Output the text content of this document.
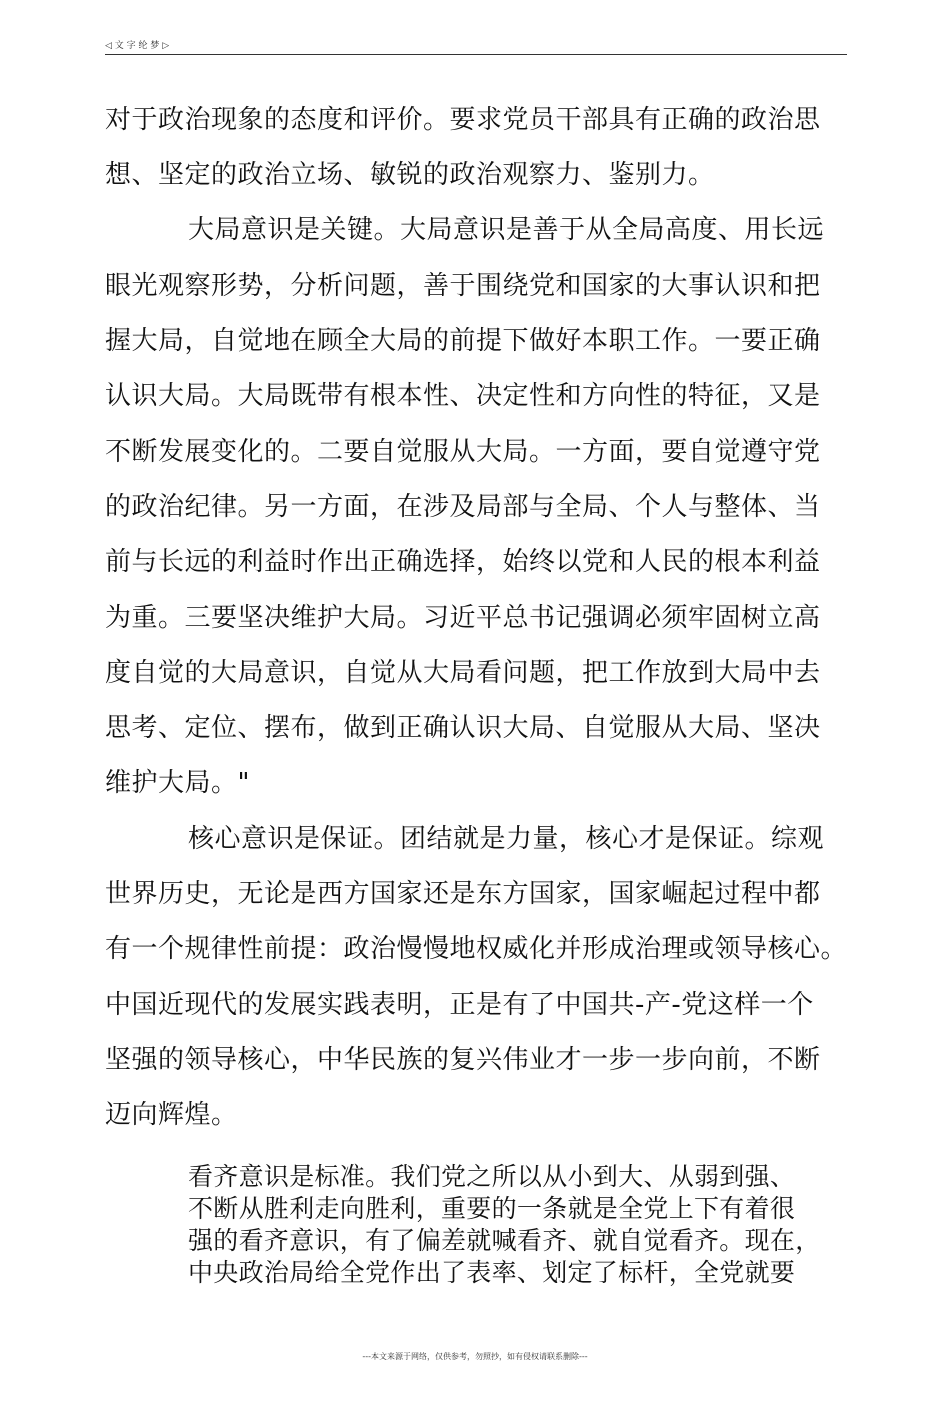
◁ 文 字 纶 梦 ▷
对于政治现象的态度和评价。要求党员干部具有正确的政治思
想、坚定的政治立场、敏锐的政治观察力、鉴别力。
大局意识是关键。大局意识是善于从全局高度、用长远
眼光观察形势，分析问题，善于围绕党和国家的大事认识和把
握大局，自觉地在顾全大局的前提下做好本职工作。一要正确
认识大局。大局既带有根本性、决定性和方向性的特征，又是
不断发展变化的。二要自觉服从大局。一方面，要自觉遵守党
的政治纪律。另一方面，在涉及局部与全局、个人与整体、当
前与长远的利益时作出正确选择，始终以党和人民的根本利益
为重。三要坚决维护大局。习近平总书记强调必须牢固树立高
度自觉的大局意识，自觉从大局看问题，把工作放到大局中去
思考、定位、摆布，做到正确认识大局、自觉服从大局、坚决
维护大局。"
核心意识是保证。团结就是力量，核心才是保证。综观
世界历史，无论是西方国家还是东方国家，国家崛起过程中都
有一个规律性前提：政治慢慢地权威化并形成治理或领导核心。
中国近现代的发展实践表明，正是有了中国共-产-党这样一个
坚强的领导核心，中华民族的复兴伟业才一步一步向前，不断
迈向辉煌。
看齐意识是标准。我们党之所以从小到大、从弱到强、
不断从胜利走向胜利，重要的一条就是全党上下有着很
强的看齐意识，有了偏差就喊看齐、就自觉看齐。现在，
中央政治局给全党作出了表率、划定了标杆，全党就要
---本文来源于网络，仅供参考，勿照抄，如有侵权请联系删除---
